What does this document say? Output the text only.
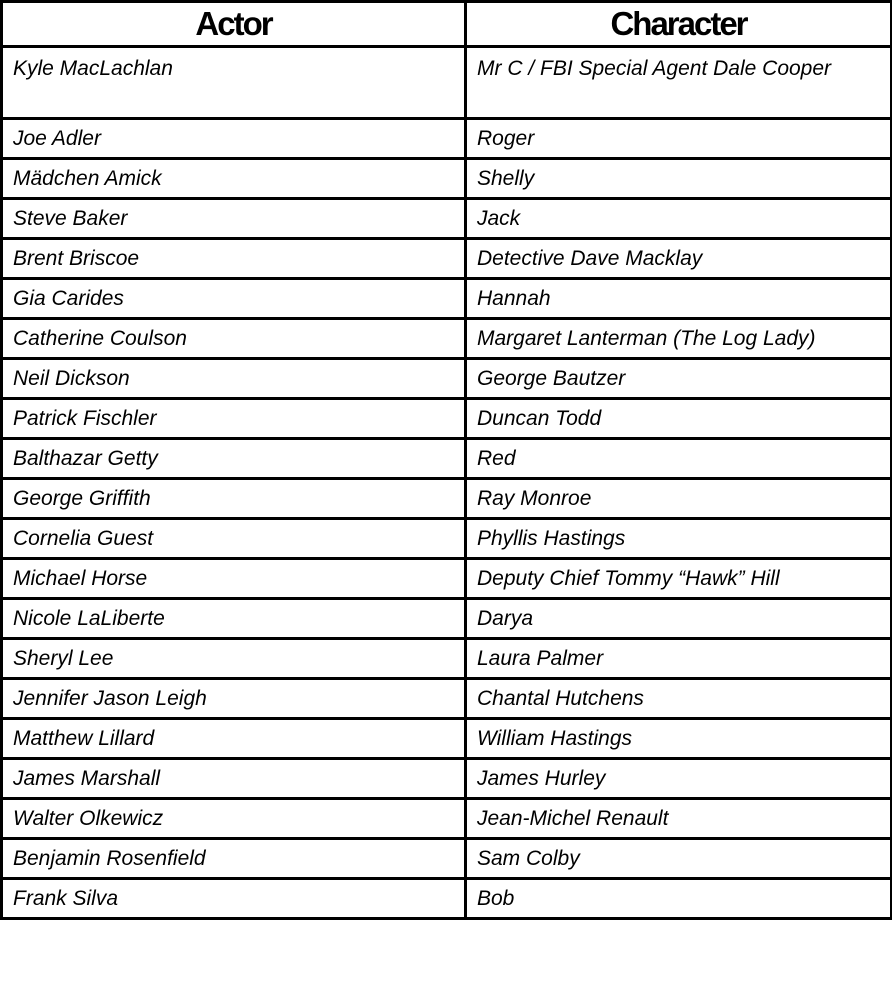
Actor	Character
Kyle MacLachlan	Mr C / FBI Special Agent Dale Cooper
Joe Adler	Roger
Mädchen Amick	Shelly
Steve Baker	Jack
Brent Briscoe	Detective Dave Macklay
Gia Carides	Hannah
Catherine Coulson	Margaret Lanterman (The Log Lady)
Neil Dickson	George Bautzer
Patrick Fischler	Duncan Todd
Balthazar Getty	Red
George Griffith	Ray Monroe
Cornelia Guest	Phyllis Hastings
Michael Horse	Deputy Chief Tommy “Hawk” Hill
Nicole LaLiberte	Darya
Sheryl Lee	Laura Palmer
Jennifer Jason Leigh	Chantal Hutchens
Matthew Lillard	William Hastings
James Marshall	James Hurley
Walter Olkewicz	Jean-Michel Renault
Benjamin Rosenfield	Sam Colby
Frank Silva	Bob
